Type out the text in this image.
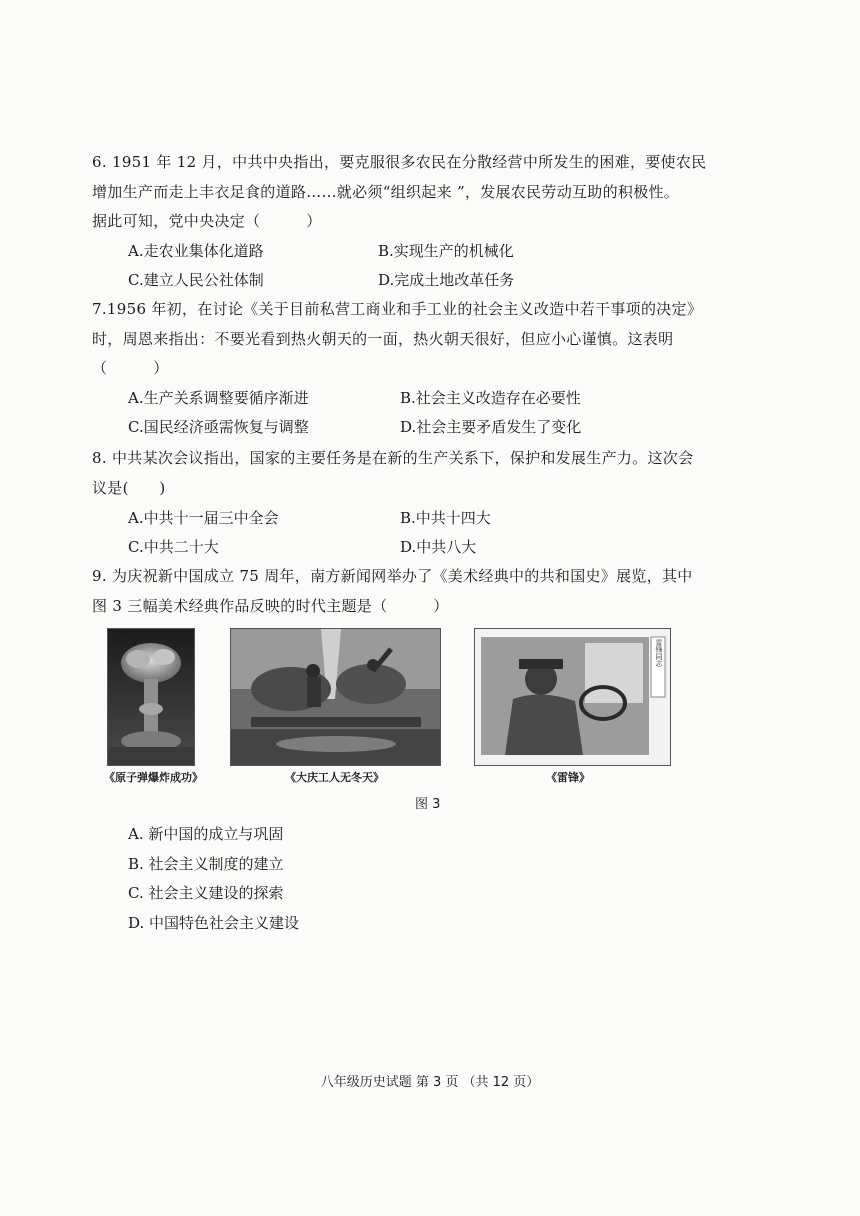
6. 1951 年 12 月，中共中央指出，要克服很多农民在分散经营中所发生的困难，要使农民
增加生产而走上丰衣足食的道路……就必须“组织起来 ”，发展农民劳动互助的积极性。
据此可知，党中央决定（　　　）
A.走农业集体化道路	B.实现生产的机械化
C.建立人民公社体制	D.完成土地改革任务
7.1956 年初，在讨论《关于目前私营工商业和手工业的社会主义改造中若干事项的决定》
时，周恩来指出：不要光看到热火朝天的一面，热火朝天很好，但应小心谨慎。这表明
（　　　）
A.生产关系调整要循序渐进	B.社会主义改造存在必要性
C.国民经济亟需恢复与调整	D.社会主要矛盾发生了变化
8. 中共某次会议指出，国家的主要任务是在新的生产关系下，保护和发展生产力。这次会
议是(　　)
A.中共十一届三中全会	B.中共十四大
C.中共二十大	D.中共八大
9. 为庆祝新中国成立 75 周年，南方新闻网举办了《美术经典中的共和国史》展览，其中
图 3 三幅美术经典作品反映的时代主题是（　　　）
雷锋同志
《原子弹爆炸成功》	《大庆工人无冬天》	《雷锋》
图 3
A. 新中国的成立与巩固
B. 社会主义制度的建立
C. 社会主义建设的探索
D. 中国特色社会主义建设
八年级历史试题 第 3 页 （共 12 页）
